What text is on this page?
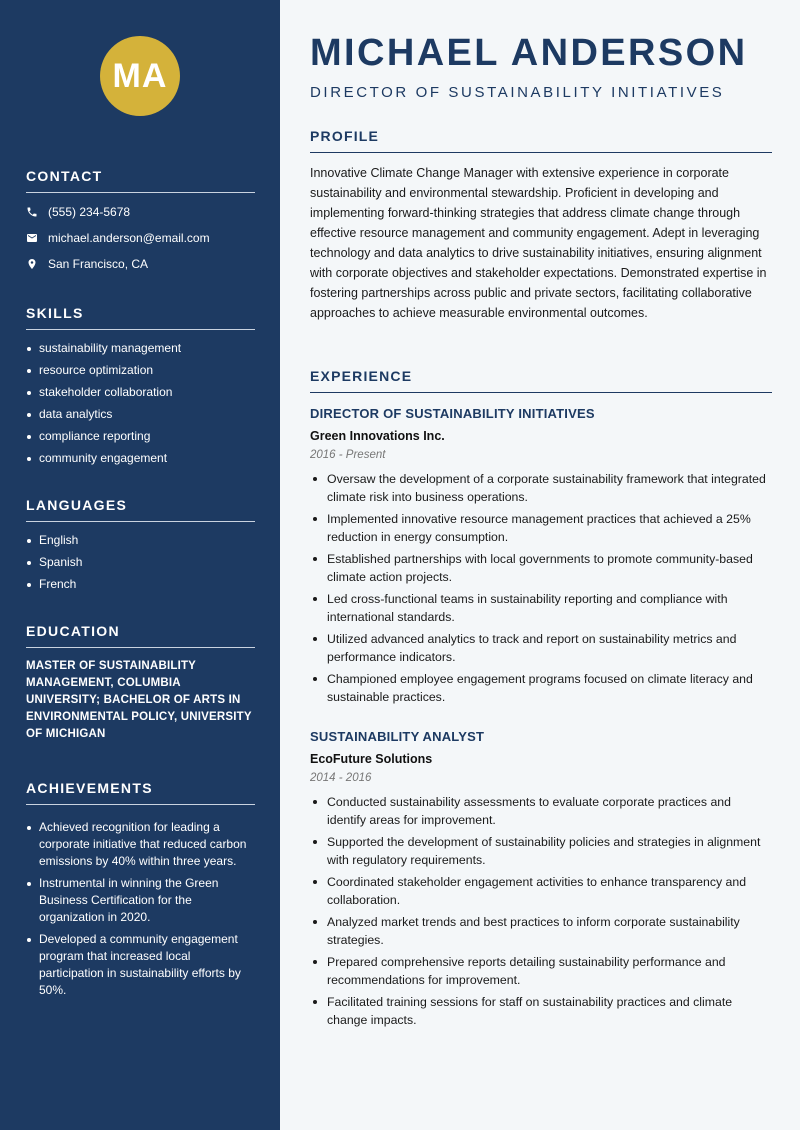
MA
CONTACT
(555) 234-5678
michael.anderson@email.com
San Francisco, CA
SKILLS
sustainability management
resource optimization
stakeholder collaboration
data analytics
compliance reporting
community engagement
LANGUAGES
English
Spanish
French
EDUCATION
MASTER OF SUSTAINABILITY MANAGEMENT, COLUMBIA UNIVERSITY; BACHELOR OF ARTS IN ENVIRONMENTAL POLICY, UNIVERSITY OF MICHIGAN
ACHIEVEMENTS
Achieved recognition for leading a corporate initiative that reduced carbon emissions by 40% within three years.
Instrumental in winning the Green Business Certification for the organization in 2020.
Developed a community engagement program that increased local participation in sustainability efforts by 50%.
MICHAEL ANDERSON
DIRECTOR OF SUSTAINABILITY INITIATIVES
PROFILE
Innovative Climate Change Manager with extensive experience in corporate sustainability and environmental stewardship. Proficient in developing and implementing forward-thinking strategies that address climate change through effective resource management and community engagement. Adept in leveraging technology and data analytics to drive sustainability initiatives, ensuring alignment with corporate objectives and stakeholder expectations. Demonstrated expertise in fostering partnerships across public and private sectors, facilitating collaborative approaches to achieve measurable environmental outcomes.
EXPERIENCE
DIRECTOR OF SUSTAINABILITY INITIATIVES
Green Innovations Inc.
2016 - Present
Oversaw the development of a corporate sustainability framework that integrated climate risk into business operations.
Implemented innovative resource management practices that achieved a 25% reduction in energy consumption.
Established partnerships with local governments to promote community-based climate action projects.
Led cross-functional teams in sustainability reporting and compliance with international standards.
Utilized advanced analytics to track and report on sustainability metrics and performance indicators.
Championed employee engagement programs focused on climate literacy and sustainable practices.
SUSTAINABILITY ANALYST
EcoFuture Solutions
2014 - 2016
Conducted sustainability assessments to evaluate corporate practices and identify areas for improvement.
Supported the development of sustainability policies and strategies in alignment with regulatory requirements.
Coordinated stakeholder engagement activities to enhance transparency and collaboration.
Analyzed market trends and best practices to inform corporate sustainability strategies.
Prepared comprehensive reports detailing sustainability performance and recommendations for improvement.
Facilitated training sessions for staff on sustainability practices and climate change impacts.
